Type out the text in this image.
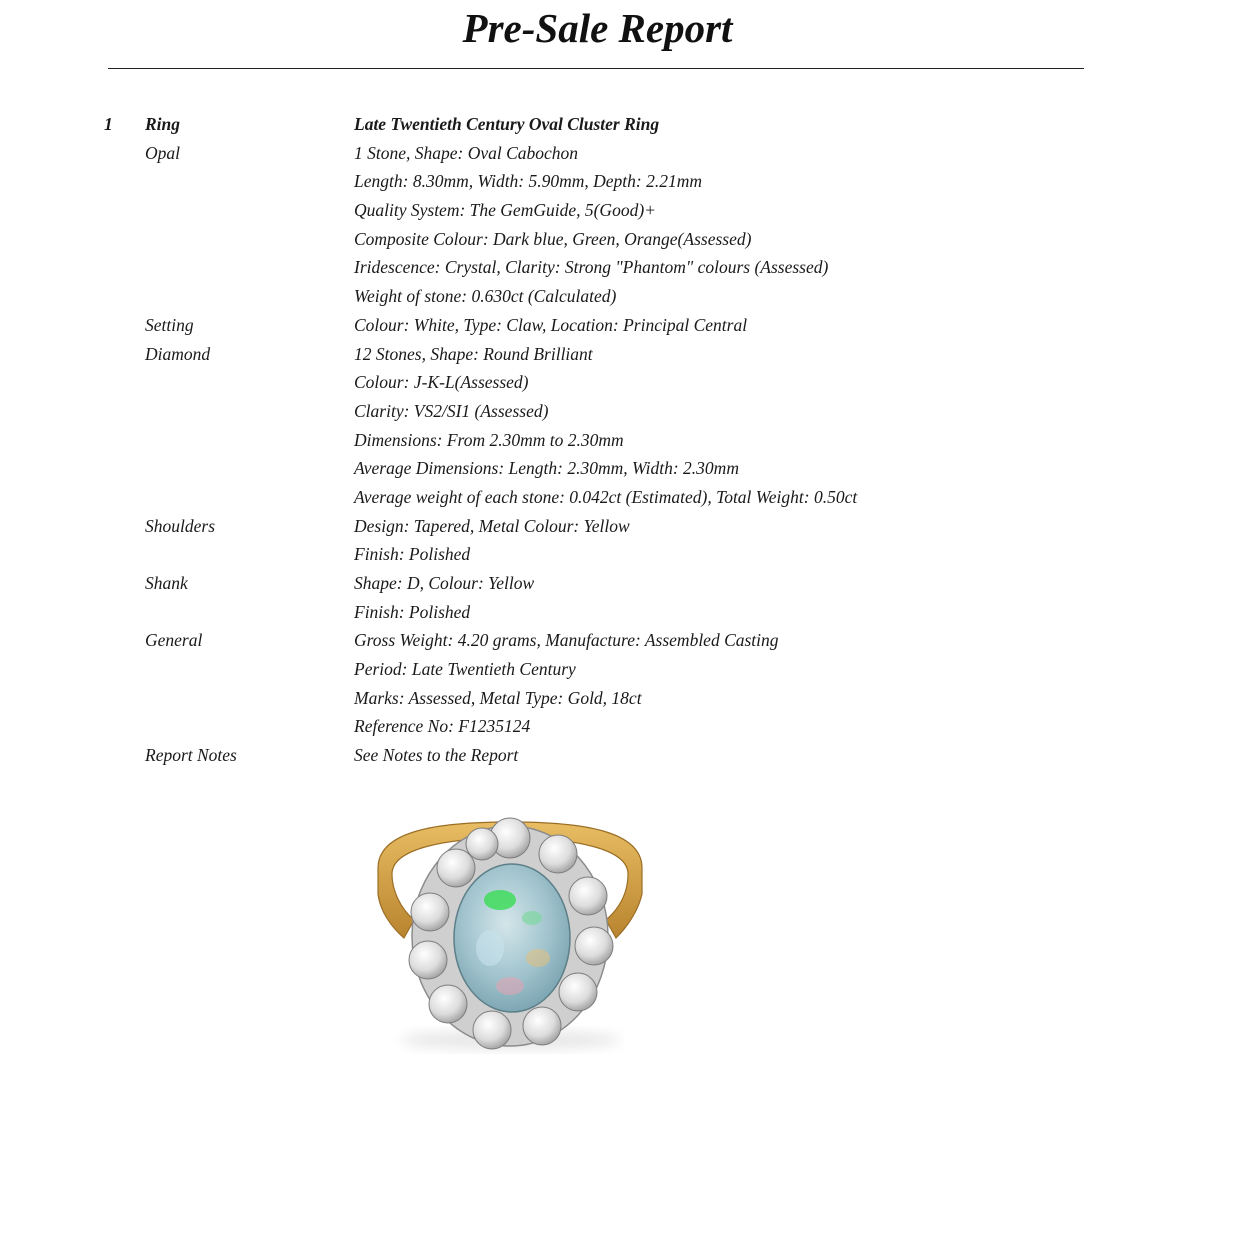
Pre-Sale Report
1 Ring	Late Twentieth Century Oval Cluster Ring
Opal	1 Stone, Shape: Oval Cabochon
Length: 8.30mm, Width: 5.90mm, Depth: 2.21mm
Quality System: The GemGuide, 5(Good)+
Composite Colour: Dark blue, Green, Orange(Assessed)
Iridescence: Crystal, Clarity: Strong "Phantom" colours (Assessed)
Weight of stone: 0.630ct (Calculated)
Setting	Colour: White, Type: Claw, Location: Principal Central
Diamond	12 Stones, Shape: Round Brilliant
Colour: J-K-L(Assessed)
Clarity: VS2/SI1 (Assessed)
Dimensions: From 2.30mm to 2.30mm
Average Dimensions: Length: 2.30mm, Width: 2.30mm
Average weight of each stone: 0.042ct (Estimated), Total Weight: 0.50ct
Shoulders	Design: Tapered, Metal Colour: Yellow
Finish: Polished
Shank	Shape: D, Colour: Yellow
Finish: Polished
General	Gross Weight: 4.20 grams, Manufacture: Assembled Casting
Period: Late Twentieth Century
Marks: Assessed, Metal Type: Gold, 18ct
Reference No: F1235124
Report Notes	See Notes to the Report
